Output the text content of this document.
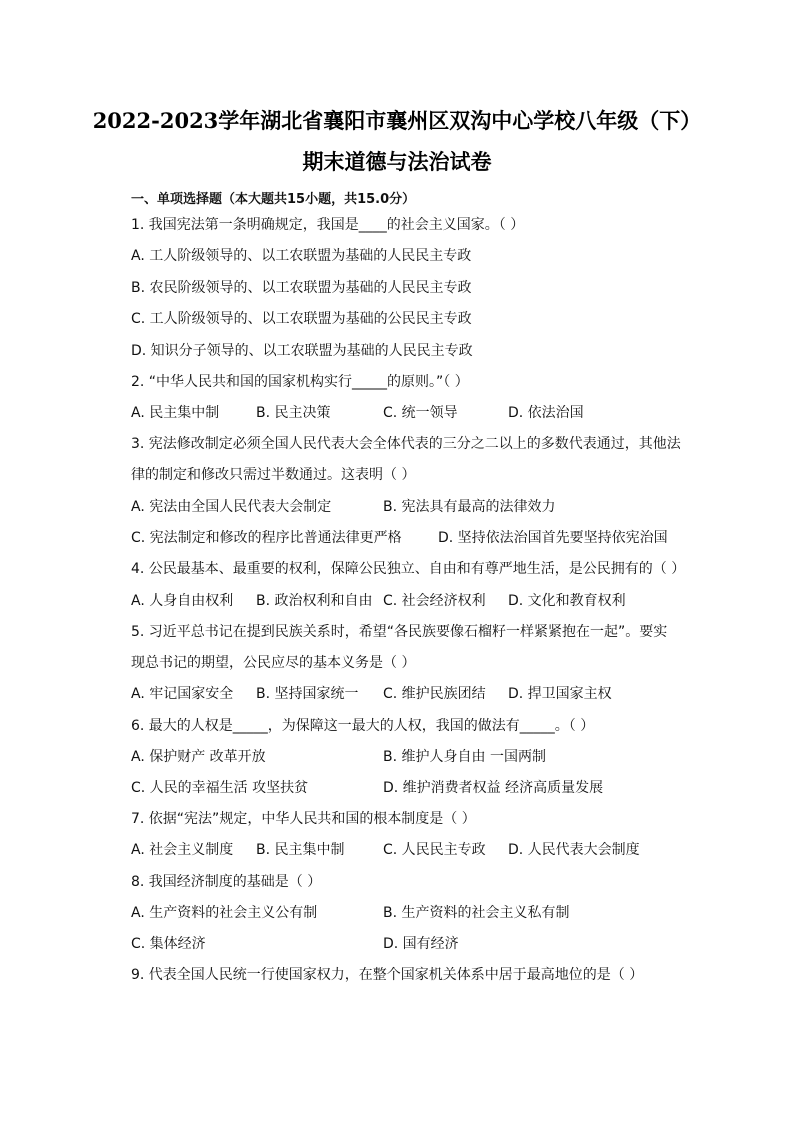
2022-2023学年湖北省襄阳市襄州区双沟中心学校八年级（下）
期末道德与法治试卷
一、单项选择题（本大题共15小题，共15.0分）
1. 我国宪法第一条明确规定，我国是____的社会主义国家。（ ）
A. 工人阶级领导的、以工农联盟为基础的人民民主专政
B. 农民阶级领导的、以工农联盟为基础的人民民主专政
C. 工人阶级领导的、以工农联盟为基础的公民民主专政
D. 知识分子领导的、以工农联盟为基础的人民民主专政
2. “中华人民共和国的国家机构实行_____的原则。”（ ）
A. 民主集中制	B. 民主决策	C. 统一领导	D. 依法治国
3. 宪法修改制定必须全国人民代表大会全体代表的三分之二以上的多数代表通过，其他法
律的制定和修改只需过半数通过。这表明（ ）
A. 宪法由全国人民代表大会制定	B. 宪法具有最高的法律效力
C. 宪法制定和修改的程序比普通法律更严格	D. 坚持依法治国首先要坚持依宪治国
4. 公民最基本、最重要的权利，保障公民独立、自由和有尊严地生活，是公民拥有的（ ）
A. 人身自由权利 B. 政治权利和自由 C. 社会经济权利 D. 文化和教育权利
5. 习近平总书记在提到民族关系时，希望“各民族要像石榴籽一样紧紧抱在一起”。要实
现总书记的期望，公民应尽的基本义务是（ ）
A. 牢记国家安全 B. 坚持国家统一 C. 维护民族团结 D. 捍卫国家主权
6. 最大的人权是_____，为保障这一最大的人权，我国的做法有_____。（ ）
A. 保护财产 改革开放	B. 维护人身自由 一国两制
C. 人民的幸福生活 攻坚扶贫	D. 维护消费者权益 经济高质量发展
7. 依据“宪法”规定，中华人民共和国的根本制度是（ ）
A. 社会主义制度 B. 民主集中制	C. 人民民主专政 D. 人民代表大会制度
8. 我国经济制度的基础是（ ）
A. 生产资料的社会主义公有制	B. 生产资料的社会主义私有制
C. 集体经济	D. 国有经济
9. 代表全国人民统一行使国家权力，在整个国家机关体系中居于最高地位的是（ ）
